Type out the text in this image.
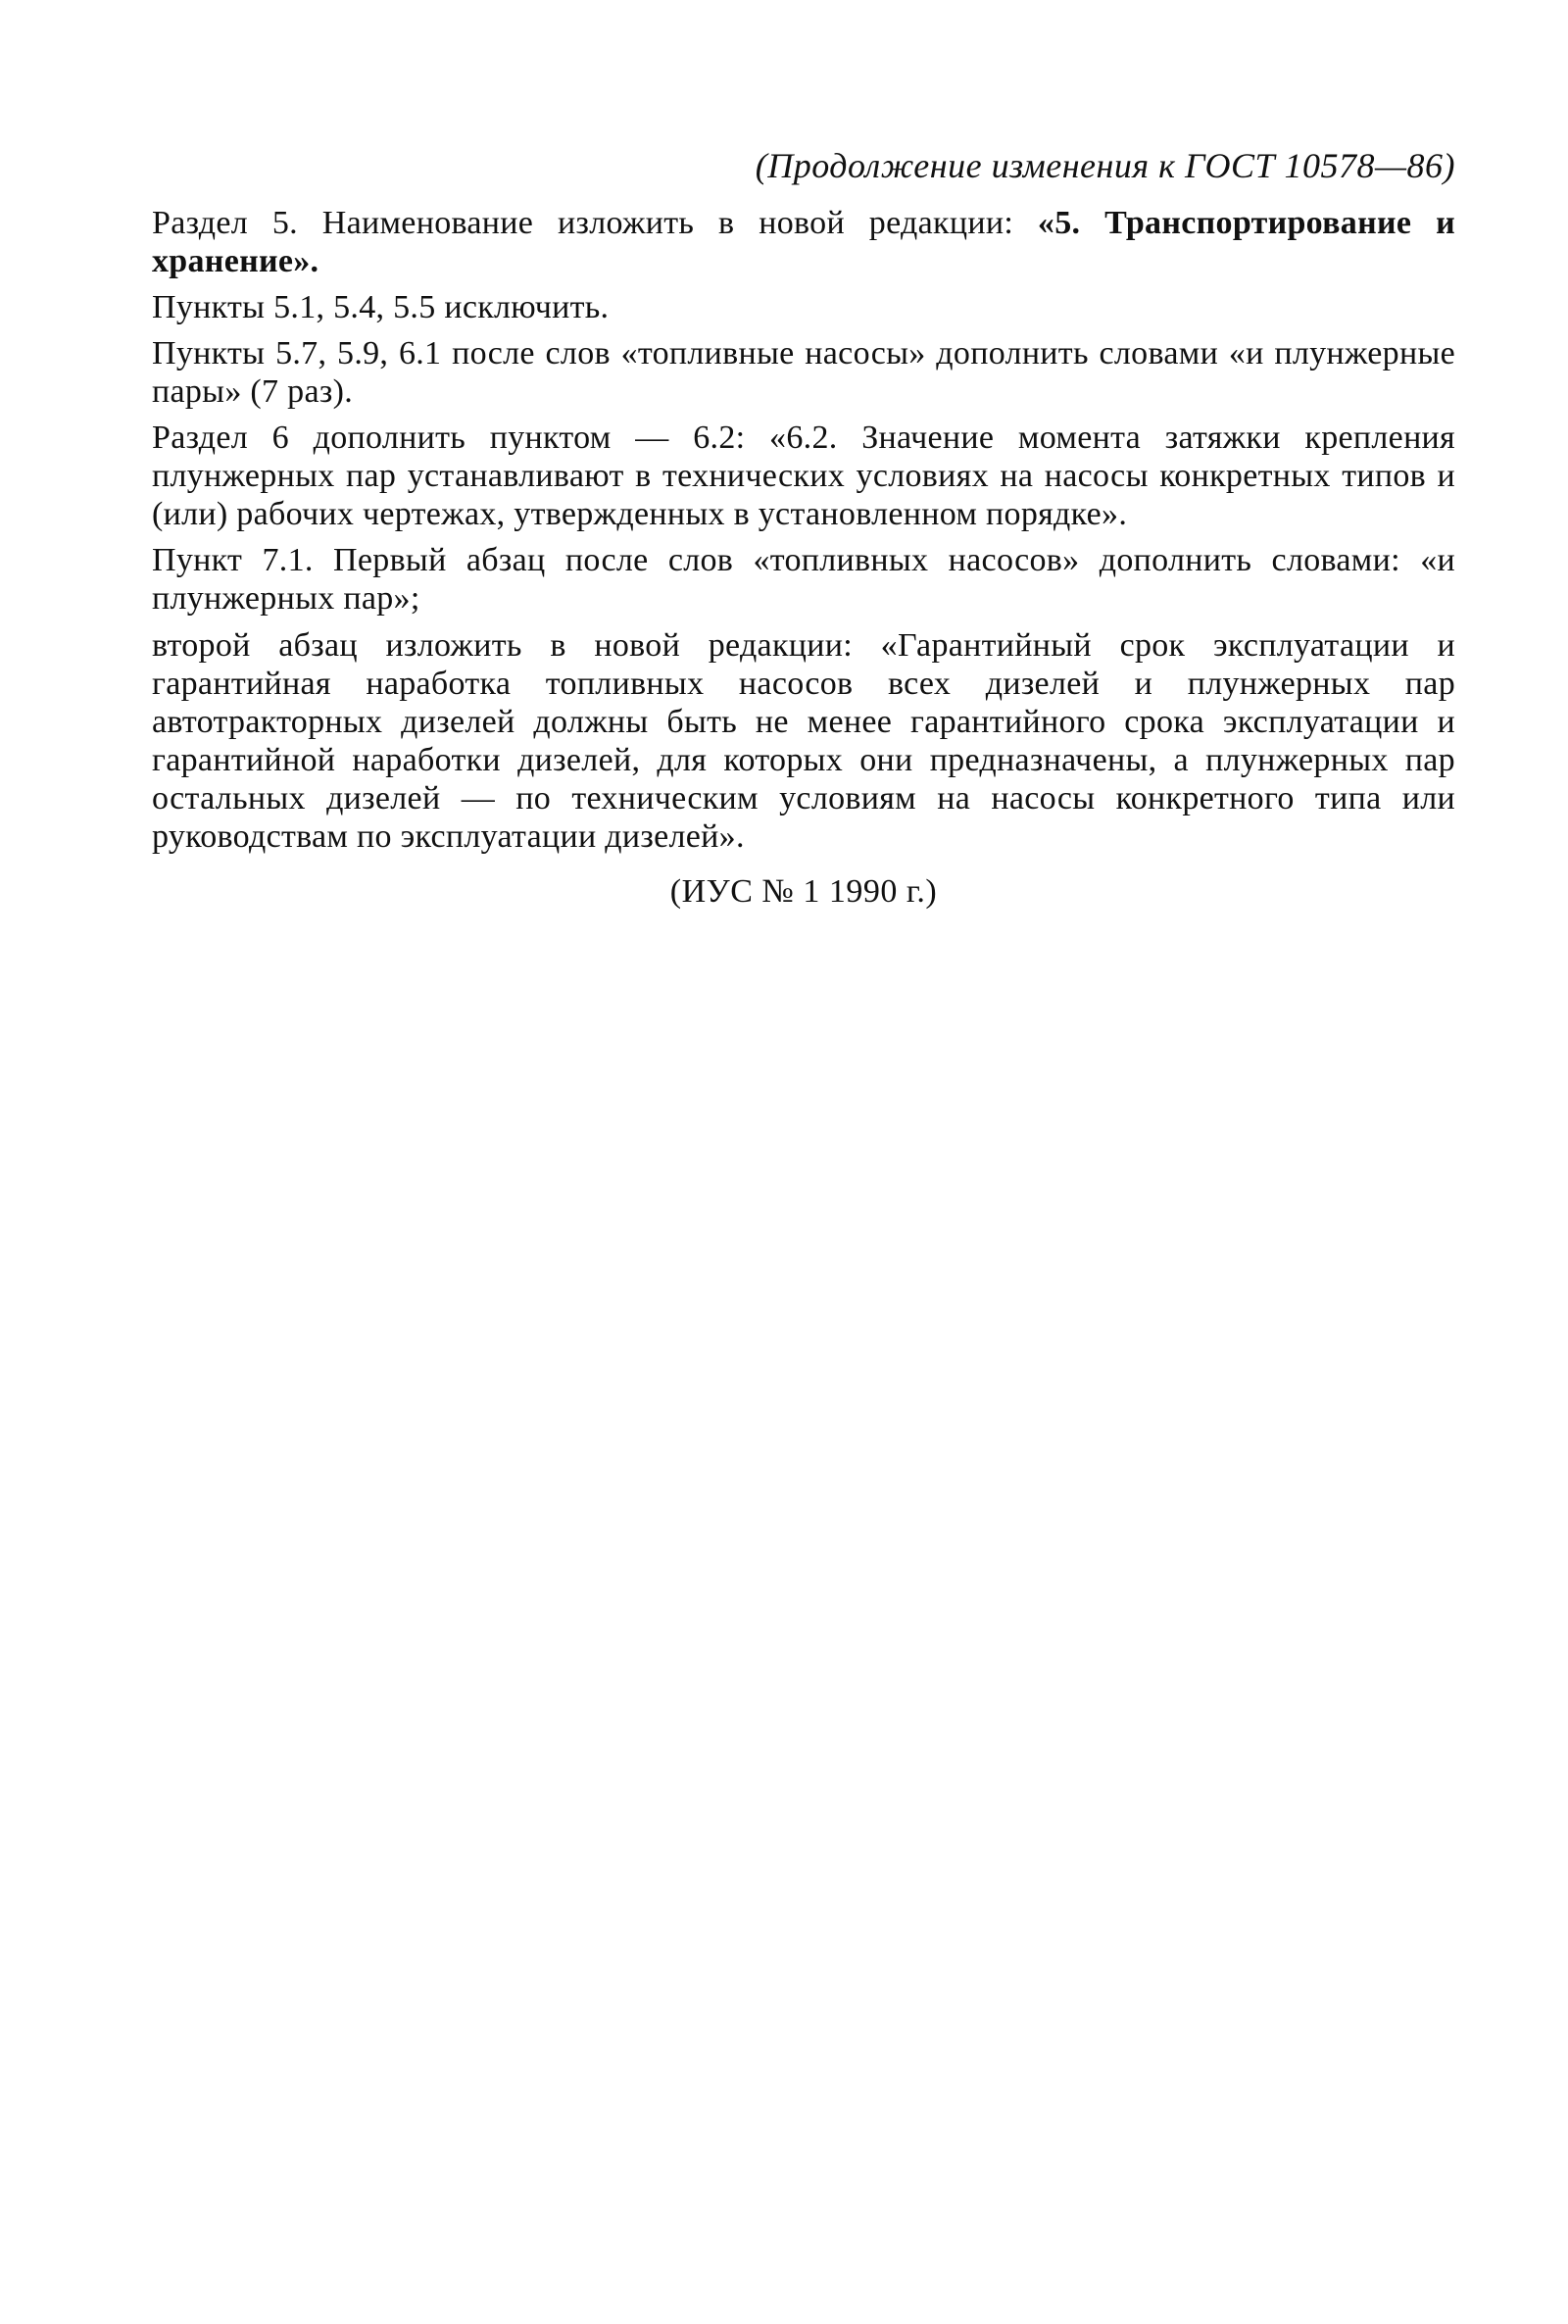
(Продолжение изменения к ГОСТ 10578—86)

Раздел 5. Наименование изложить в новой редакции: «5. Транспортирование и хранение».

Пункты 5.1, 5.4, 5.5 исключить.

Пункты 5.7, 5.9, 6.1 после слов «топливные насосы» дополнить словами «и плунжерные пары» (7 раз).

Раздел 6 дополнить пунктом — 6.2: «6.2. Значение момента затяжки крепления плунжерных пар устанавливают в технических условиях на насосы конкретных типов и (или) рабочих чертежах, утвержденных в установленном порядке».

Пункт 7.1. Первый абзац после слов «топливных насосов» дополнить словами: «и плунжерных пар»;

второй абзац изложить в новой редакции: «Гарантийный срок эксплуатации и гарантийная наработка топливных насосов всех дизелей и плунжерных пар автотракторных дизелей должны быть не менее гарантийного срока эксплуатации и гарантийной наработки дизелей, для которых они предназначены, а плунжерных пар остальных дизелей — по техническим условиям на насосы конкретного типа или руководствам по эксплуатации дизелей».

(ИУС № 1 1990 г.)
